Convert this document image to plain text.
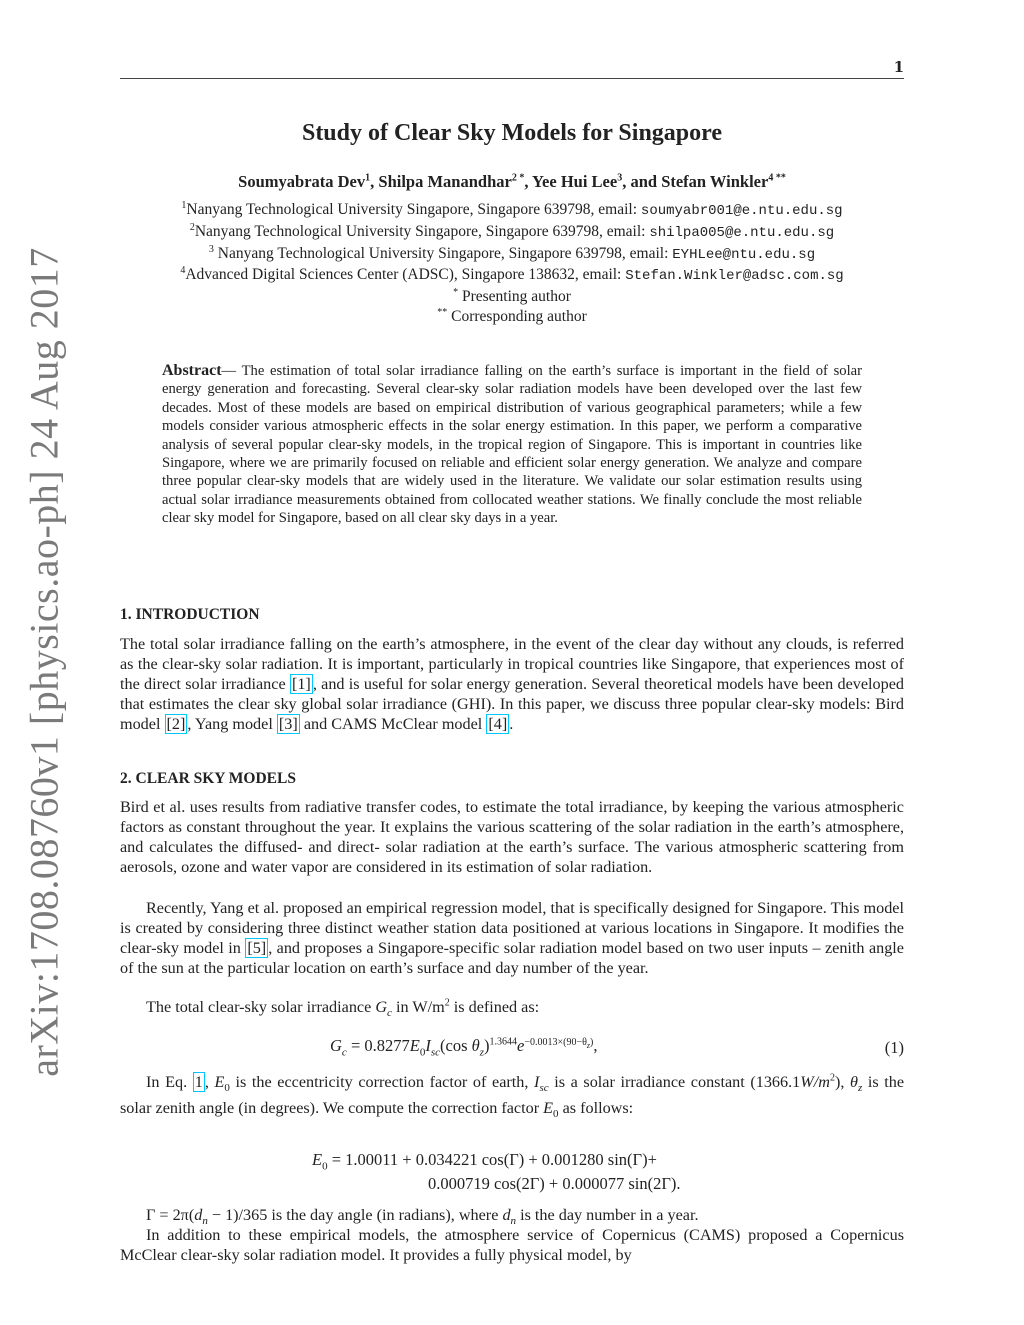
1
arXiv:1708.08760v1 [physics.ao-ph] 24 Aug 2017
Study of Clear Sky Models for Singapore
Soumyabrata Dev$^1$, Shilpa Manandhar$^{2 *}$, Yee Hui Lee$^3$, and Stefan Winkler$^{4 **}$
$^1$Nanyang Technological University Singapore, Singapore 639798, email: soumyabr001@e.ntu.edu.sg
$^2$Nanyang Technological University Singapore, Singapore 639798, email: shilpa005@e.ntu.edu.sg
$^3$ Nanyang Technological University Singapore, Singapore 639798, email: EYHLee@ntu.edu.sg
$^4$Advanced Digital Sciences Center (ADSC), Singapore 138632, email: Stefan.Winkler@adsc.com.sg
* Presenting author
** Corresponding author
Abstract— The estimation of total solar irradiance falling on the earth’s surface is important in the field of solar energy generation and forecasting. Several clear-sky solar radiation models have been developed over the last few decades. Most of these models are based on empirical distribution of various geographical parameters; while a few models consider various atmospheric effects in the solar energy estimation. In this paper, we perform a comparative analysis of several popular clear-sky models, in the tropical region of Singapore. This is important in countries like Singapore, where we are primarily focused on reliable and efficient solar energy generation. We analyze and compare three popular clear-sky models that are widely used in the literature. We validate our solar estimation results using actual solar irradiance measurements obtained from collocated weather stations. We finally conclude the most reliable clear sky model for Singapore, based on all clear sky days in a year.
1. INTRODUCTION
The total solar irradiance falling on the earth’s atmosphere, in the event of the clear day without any clouds, is referred as the clear-sky solar radiation. It is important, particularly in tropical countries like Singapore, that experiences most of the direct solar irradiance [1] , and is useful for solar energy generation. Several theoretical models have been developed that estimates the clear sky global solar irradiance (GHI). In this paper, we discuss three popular clear-sky models: Bird model [2] , Yang model [3] and CAMS McClear model [4] .
2. CLEAR SKY MODELS
Bird et al. uses results from radiative transfer codes, to estimate the total irradiance, by keeping the various atmospheric factors as constant throughout the year. It explains the various scattering of the solar radiation in the earth’s atmosphere, and calculates the diffused- and direct- solar radiation at the earth’s surface. The various atmospheric scattering from aerosols, ozone and water vapor are considered in its estimation of solar radiation.
Recently, Yang et al. proposed an empirical regression model, that is specifically designed for Singapore. This model is created by considering three distinct weather station data positioned at various locations in Singapore. It modifies the clear-sky model in [5] , and proposes a Singapore-specific solar radiation model based on two user inputs – zenith angle of the sun at the particular location on earth’s surface and day number of the year.
The total clear-sky solar irradiance $G_c$ in $W/m^2$ is defined as:
$G_c = 0.8277E_0I_{sc}(\cos$ $\theta_z)^{1.3644}e^{-0.0013\times(90-\theta_z)}$,	(1)
In Eq. 1 , $E_0$ is the eccentricity correction factor of earth, $I_{sc}$ is a solar irradiance constant $(1366.1W/m^2)$, $\theta_z$ is the solar zenith angle (in degrees). We compute the correction factor $E_0$ as follows:
$E_0 = 1.00011 + 0.034221$ cos(Γ) + 0.001280 sin(Γ)+
0.000719 cos(2Γ) + 0.000077 sin(2Γ).
$\Gamma = 2\pi(d_n - 1)/365$ is the day angle (in radians), where $d_n$ is the day number in a year.
In addition to these empirical models, the atmosphere service of Copernicus (CAMS) proposed a Copernicus McClear clear-sky solar radiation model. It provides a fully physical model, by
